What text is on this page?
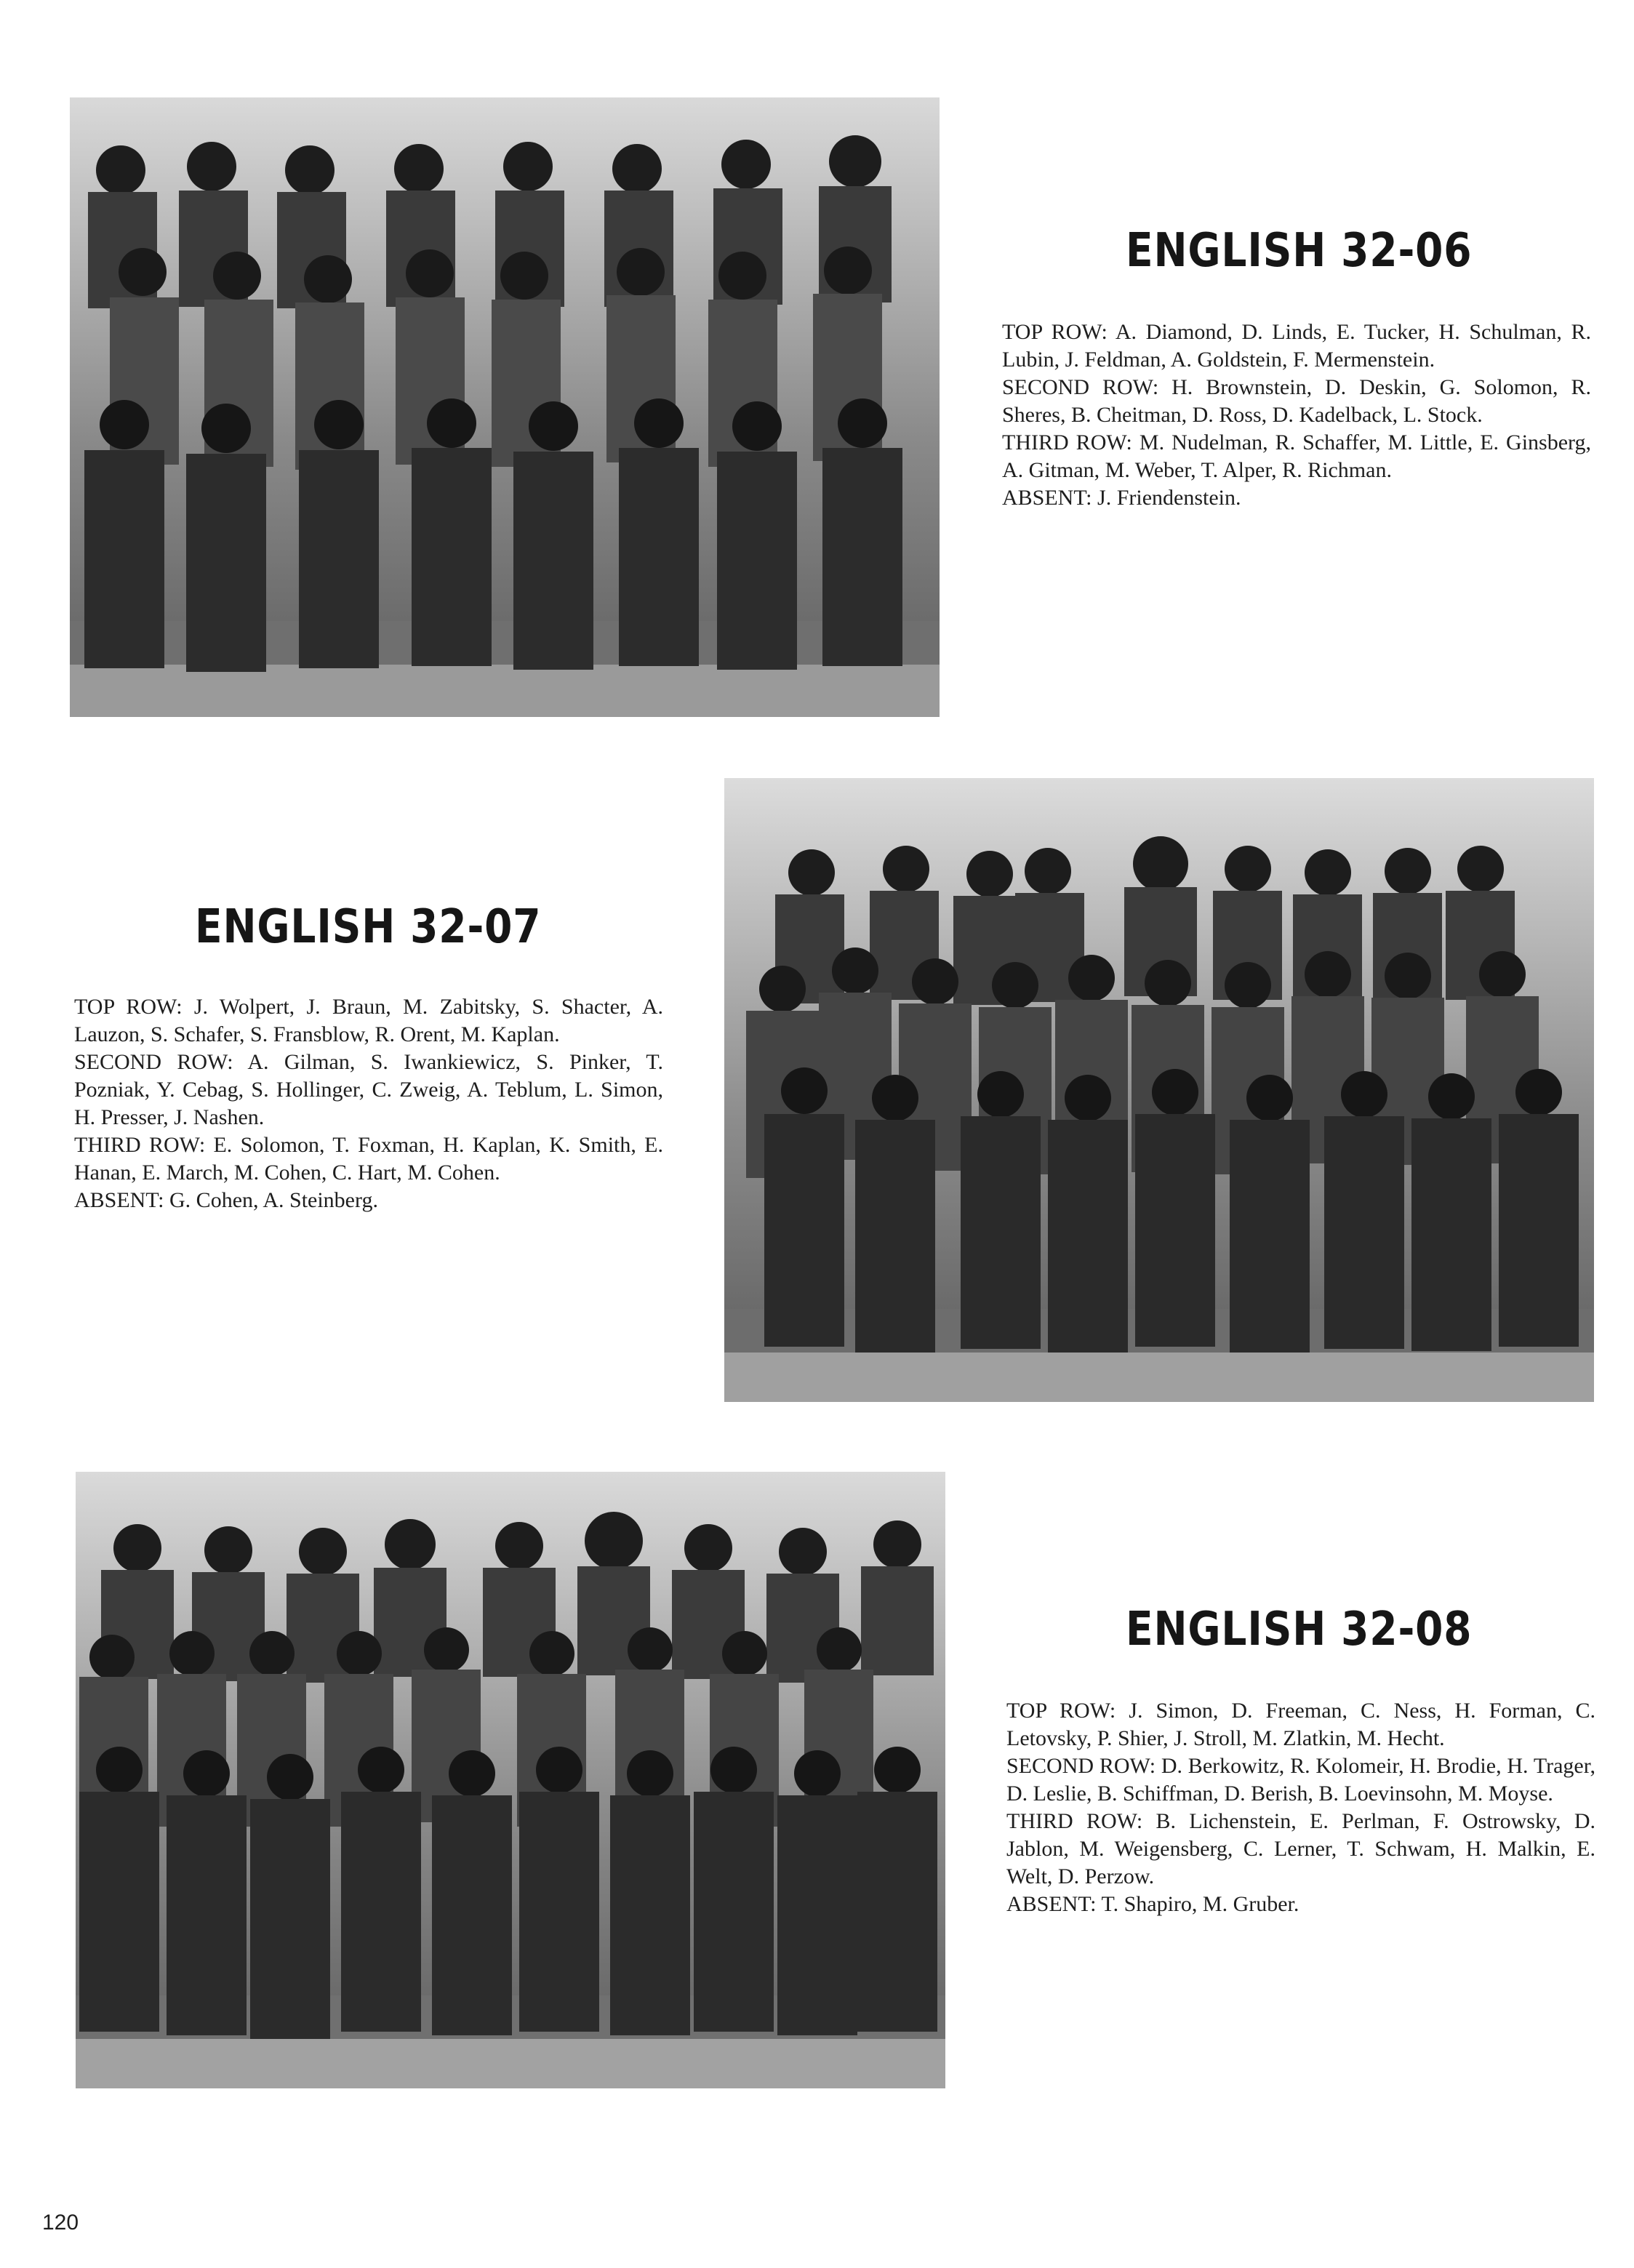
ENGLISH 32-06

TOP ROW: A. Diamond, D. Linds, E. Tucker, H. Schulman, R. Lubin, J. Feldman, A. Goldstein, F. Mermenstein.

SECOND ROW: H. Brownstein, D. Deskin, G. Solomon, R. Sheres, B. Cheitman, D. Ross, D. Kadelback, L. Stock.

THIRD ROW: M. Nudelman, R. Schaffer, M. Little, E. Ginsberg, A. Gitman, M. Weber, T. Alper, R. Richman.

ABSENT: J. Friendenstein.

ENGLISH 32-07

TOP ROW: J. Wolpert, J. Braun, M. Zabitsky, S. Shacter, A. Lauzon, S. Schafer, S. Fransblow, R. Orent, M. Kaplan.

SECOND ROW: A. Gilman, S. Iwankiewicz, S. Pinker, T. Pozniak, Y. Cebag, S. Hollinger, C. Zweig, A. Teblum, L. Simon, H. Presser, J. Nashen.

THIRD ROW: E. Solomon, T. Foxman, H. Kaplan, K. Smith, E. Hanan, E. March, M. Cohen, C. Hart, M. Cohen.

ABSENT: G. Cohen, A. Steinberg.

ENGLISH 32-08

TOP ROW: J. Simon, D. Freeman, C. Ness, H. Forman, C. Letovsky, P. Shier, J. Stroll, M. Zlatkin, M. Hecht.

SECOND ROW: D. Berkowitz, R. Kolomeir, H. Brodie, H. Trager, D. Leslie, B. Schiffman, D. Berish, B. Loevinsohn, M. Moyse.

THIRD ROW: B. Lichenstein, E. Perlman, F. Ostrowsky, D. Jablon, M. Weigensberg, C. Lerner, T. Schwam, H. Malkin, E. Welt, D. Perzow.

ABSENT: T. Shapiro, M. Gruber.

120
